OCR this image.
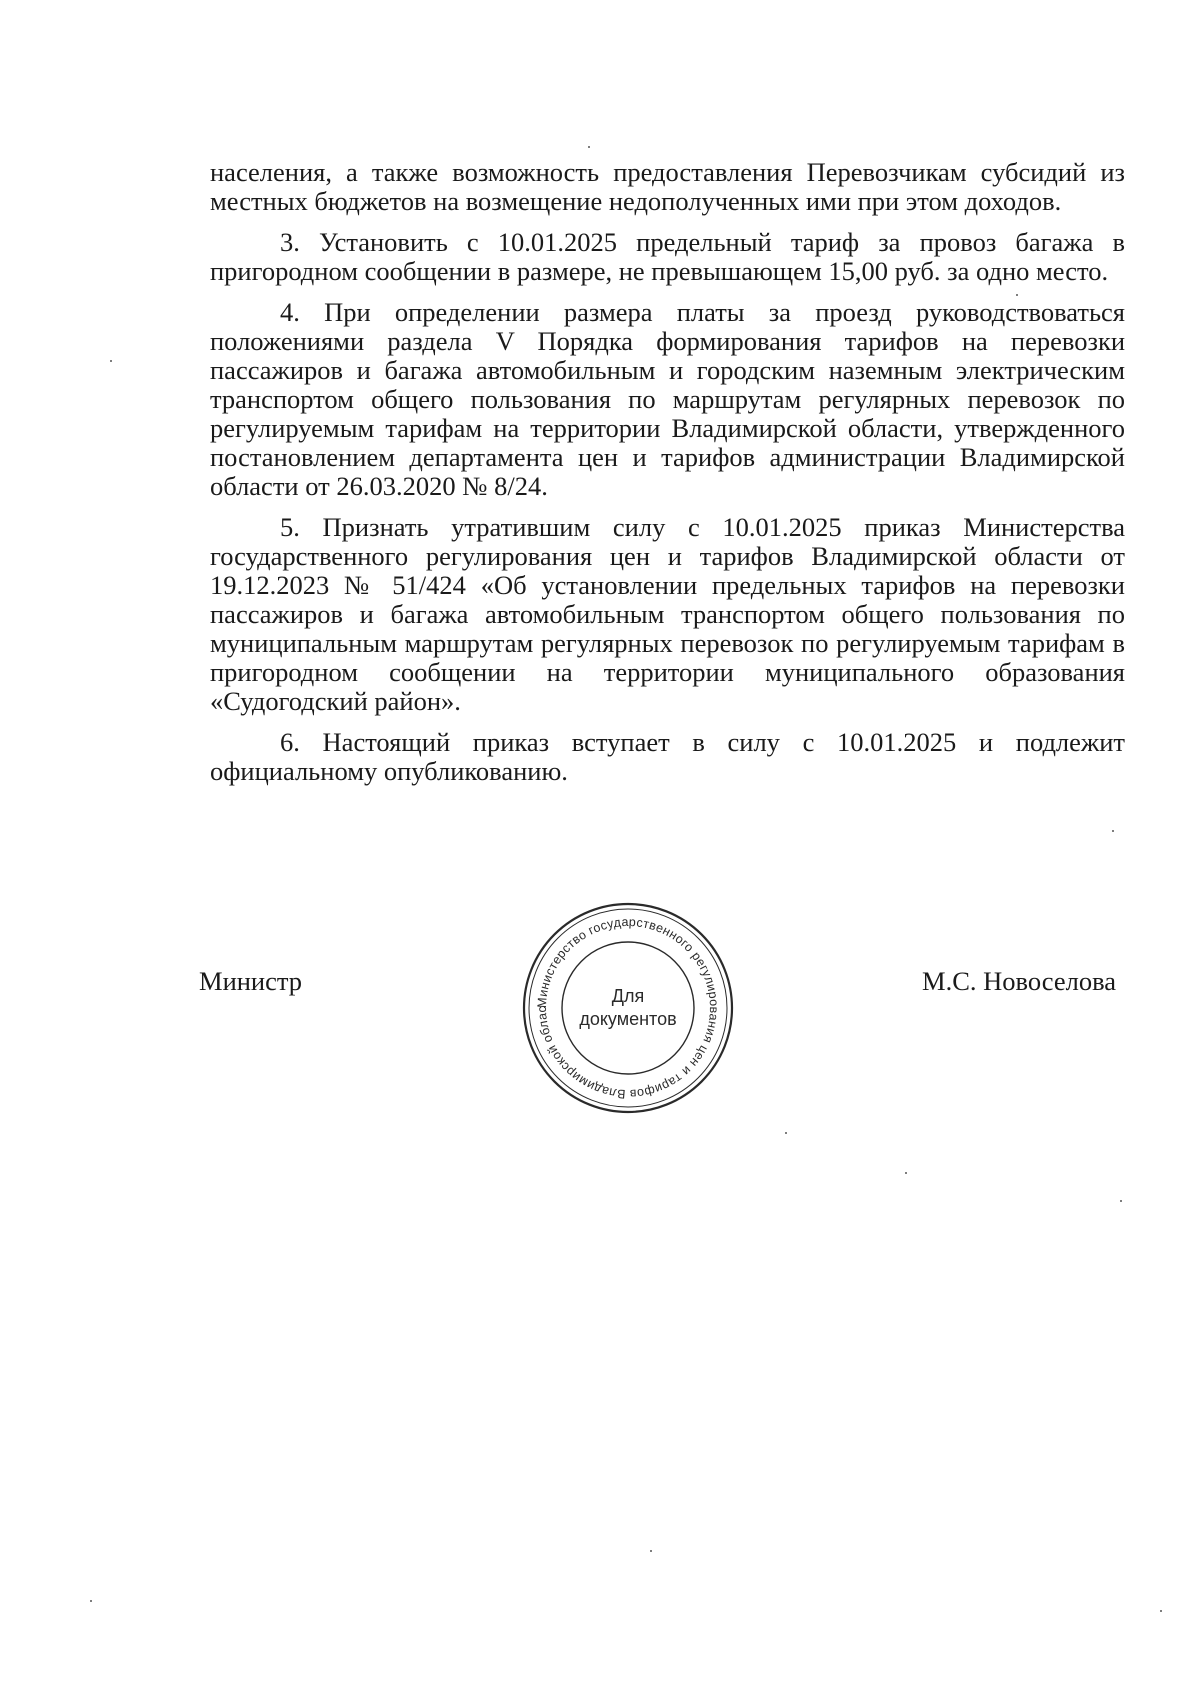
населения, а также возможность предоставления Перевозчикам субсидий из местных бюджетов на возмещение недополученных ими при этом доходов.

3. Установить с 10.01.2025 предельный тариф за провоз багажа в пригородном сообщении в размере, не превышающем 15,00 руб. за одно место.

4. При определении размера платы за проезд руководствоваться положениями раздела V Порядка формирования тарифов на перевозки пассажиров и багажа автомобильным и городским наземным электрическим транспортом общего пользования по маршрутам регулярных перевозок по регулируемым тарифам на территории Владимирской области, утвержденного постановлением департамента цен и тарифов администрации Владимирской области от 26.03.2020 № 8/24.

5. Признать утратившим силу с 10.01.2025 приказ Министерства государственного регулирования цен и тарифов Владимирской области от 19.12.2023 № 51/424 «Об установлении предельных тарифов на перевозки пассажиров и багажа автомобильным транспортом общего пользования по муниципальным маршрутам регулярных перевозок по регулируемым тарифам в пригородном сообщении на территории муниципального образования «Судогодский район».

6. Настоящий приказ вступает в силу с 10.01.2025 и подлежит официальному опубликованию.

Министр	М.С. Новоселова
Министерство государственного регулирования цен и тарифов Владимирской облас
Для
документов
